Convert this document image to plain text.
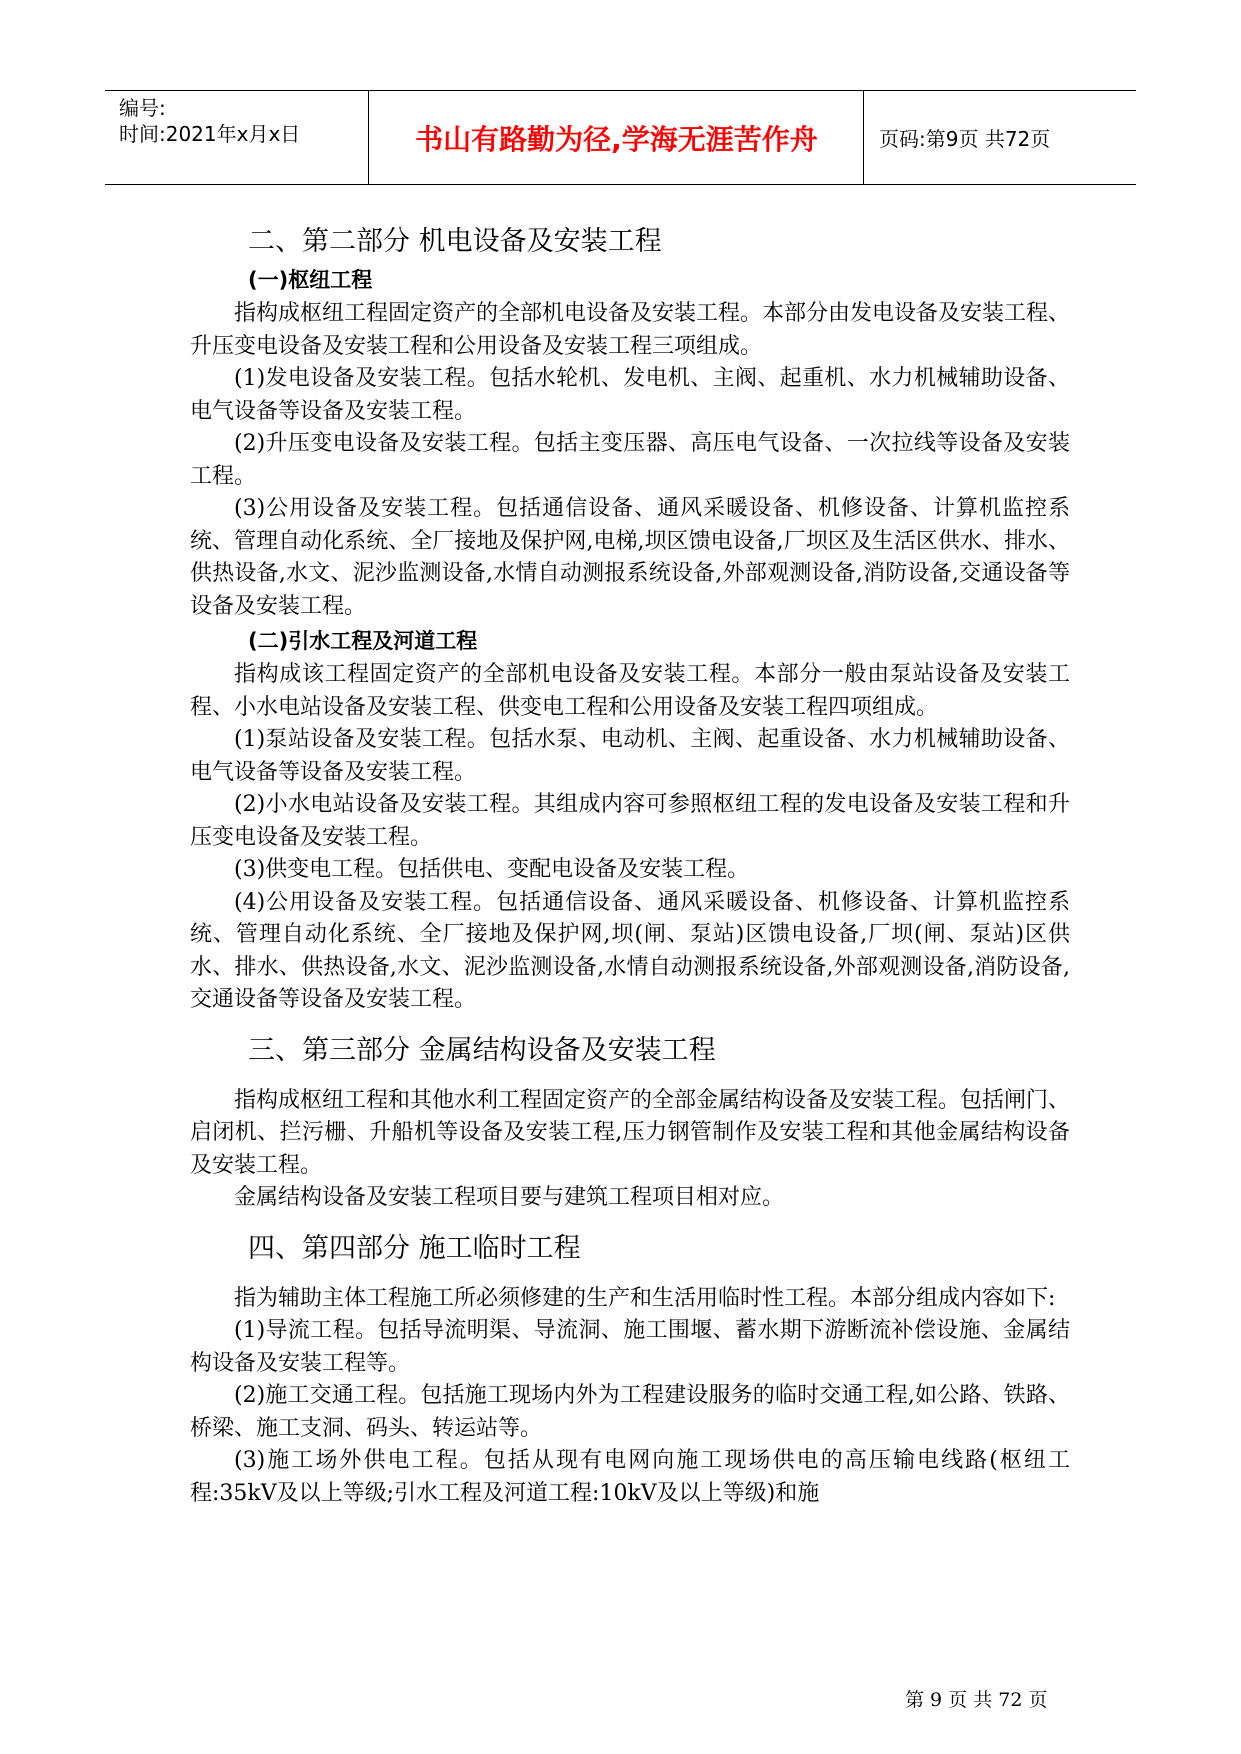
编号:
时间:2021年x月x日	书山有路勤为径,学海无涯苦作舟	页码:第9页 共72页
二、第二部分 机电设备及安装工程
(一)枢纽工程

指构成枢纽工程固定资产的全部机电设备及安装工程。本部分由发电设备及安装工程、升压变电设备及安装工程和公用设备及安装工程三项组成。

(1)发电设备及安装工程。包括水轮机、发电机、主阀、起重机、水力机械辅助设备、电气设备等设备及安装工程。

(2)升压变电设备及安装工程。包括主变压器、高压电气设备、一次拉线等设备及安装工程。

(3)公用设备及安装工程。包括通信设备、通风采暖设备、机修设备、计算机监控系统、管理自动化系统、全厂接地及保护网,电梯,坝区馈电设备,厂坝区及生活区供水、排水、供热设备,水文、泥沙监测设备,水情自动测报系统设备,外部观测设备,消防设备,交通设备等设备及安装工程。

(二)引水工程及河道工程

指构成该工程固定资产的全部机电设备及安装工程。本部分一般由泵站设备及安装工程、小水电站设备及安装工程、供变电工程和公用设备及安装工程四项组成。

(1)泵站设备及安装工程。包括水泵、电动机、主阀、起重设备、水力机械辅助设备、电气设备等设备及安装工程。

(2)小水电站设备及安装工程。其组成内容可参照枢纽工程的发电设备及安装工程和升压变电设备及安装工程。

(3)供变电工程。包括供电、变配电设备及安装工程。

(4)公用设备及安装工程。包括通信设备、通风采暖设备、机修设备、计算机监控系统、管理自动化系统、全厂接地及保护网,坝(闸、泵站)区馈电设备,厂坝(闸、泵站)区供水、排水、供热设备,水文、泥沙监测设备,水情自动测报系统设备,外部观测设备,消防设备,交通设备等设备及安装工程。

三、第三部分 金属结构设备及安装工程

指构成枢纽工程和其他水利工程固定资产的全部金属结构设备及安装工程。包括闸门、启闭机、拦污栅、升船机等设备及安装工程,压力钢管制作及安装工程和其他金属结构设备及安装工程。

金属结构设备及安装工程项目要与建筑工程项目相对应。

四、第四部分 施工临时工程

指为辅助主体工程施工所必须修建的生产和生活用临时性工程。本部分组成内容如下:

(1)导流工程。包括导流明渠、导流洞、施工围堰、蓄水期下游断流补偿设施、金属结构设备及安装工程等。

(2)施工交通工程。包括施工现场内外为工程建设服务的临时交通工程,如公路、铁路、桥梁、施工支洞、码头、转运站等。

(3)施工场外供电工程。包括从现有电网向施工现场供电的高压输电线路(枢纽工程:35kV及以上等级;引水工程及河道工程:10kV及以上等级)和施

第 9 页 共 72 页
